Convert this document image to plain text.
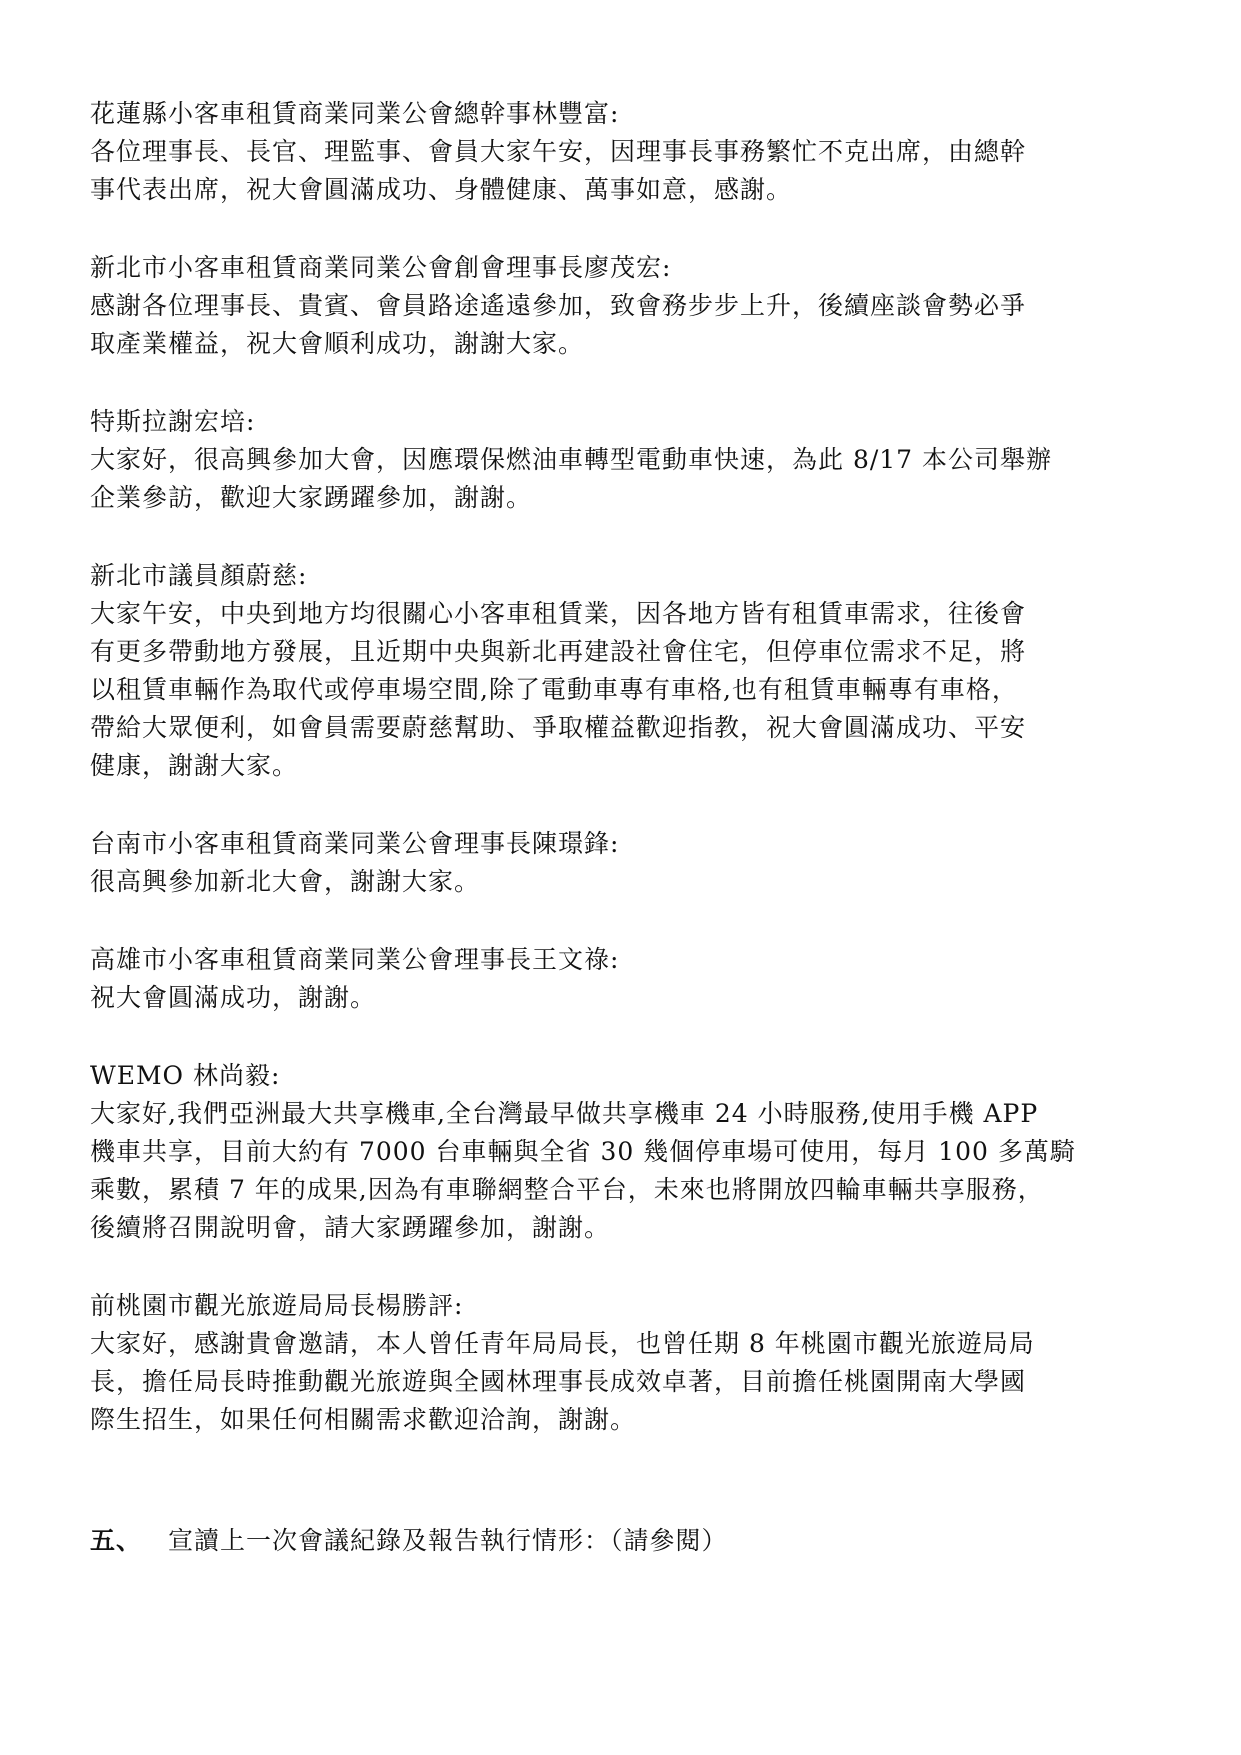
花蓮縣小客車租賃商業同業公會總幹事林豐富:

各位理事長、長官、理監事、會員大家午安，因理事長事務繁忙不克出席，由總幹

事代表出席，祝大會圓滿成功、身體健康、萬事如意，感謝。

新北市小客車租賃商業同業公會創會理事長廖茂宏:

感謝各位理事長、貴賓、會員路途遙遠參加，致會務步步上升，後續座談會勢必爭

取產業權益，祝大會順利成功，謝謝大家。

特斯拉謝宏培:

大家好，很高興參加大會，因應環保燃油車轉型電動車快速，為此 8/17 本公司舉辦

企業參訪，歡迎大家踴躍參加，謝謝。

新北市議員顏蔚慈:

大家午安，中央到地方均很關心小客車租賃業，因各地方皆有租賃車需求，往後會

有更多帶動地方發展，且近期中央與新北再建設社會住宅，但停車位需求不足，將

以租賃車輛作為取代或停車場空間,除了電動車專有車格,也有租賃車輛專有車格，

帶給大眾便利，如會員需要蔚慈幫助、爭取權益歡迎指教，祝大會圓滿成功、平安

健康，謝謝大家。

台南市小客車租賃商業同業公會理事長陳璟鋒:

很高興參加新北大會，謝謝大家。

高雄市小客車租賃商業同業公會理事長王文祿:

祝大會圓滿成功，謝謝。

WEMO 林尚毅:

大家好,我們亞洲最大共享機車,全台灣最早做共享機車 24 小時服務,使用手機 APP

機車共享，目前大約有 7000 台車輛與全省 30 幾個停車場可使用，每月 100 多萬騎

乘數，累積 7 年的成果,因為有車聯網整合平台，未來也將開放四輪車輛共享服務，

後續將召開說明會，請大家踴躍參加，謝謝。

前桃園市觀光旅遊局局長楊勝評:

大家好，感謝貴會邀請，本人曾任青年局局長，也曾任期 8 年桃園市觀光旅遊局局

長，擔任局長時推動觀光旅遊與全國林理事長成效卓著，目前擔任桃園開南大學國

際生招生，如果任何相關需求歡迎洽詢，謝謝。

五、 宣讀上一次會議紀錄及報告執行情形：（請參閱）
